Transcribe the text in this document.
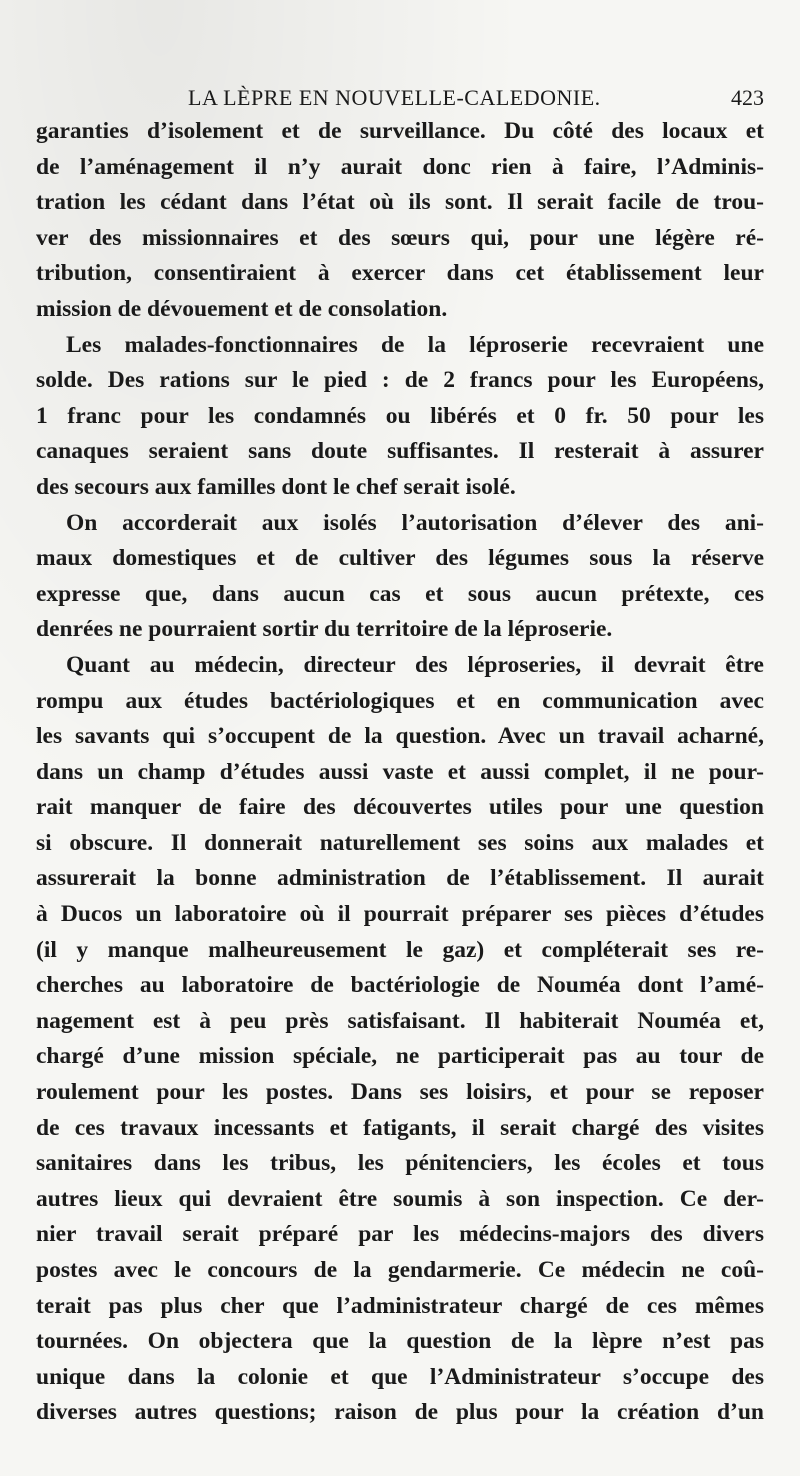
LA LÈPRE EN NOUVELLE-CALEDONIE.	423
garanties d’isolement et de surveillance. Du côté des locaux et
de l’aménagement il n’y aurait donc rien à faire, l’Adminis-
tration les cédant dans l’état où ils sont. Il serait facile de trou-
ver des missionnaires et des sœurs qui, pour une légère ré-
tribution, consentiraient à exercer dans cet établissement leur
mission de dévouement et de consolation.
Les malades-fonctionnaires de la léproserie recevraient une
solde. Des rations sur le pied : de 2 francs pour les Européens,
1 franc pour les condamnés ou libérés et 0 fr. 50 pour les
canaques seraient sans doute suffisantes. Il resterait à assurer
des secours aux familles dont le chef serait isolé.
On accorderait aux isolés l’autorisation d’élever des ani-
maux domestiques et de cultiver des légumes sous la réserve
expresse que, dans aucun cas et sous aucun prétexte, ces
denrées ne pourraient sortir du territoire de la léproserie.
Quant au médecin, directeur des léproseries, il devrait être
rompu aux études bactériologiques et en communication avec
les savants qui s’occupent de la question. Avec un travail acharné,
dans un champ d’études aussi vaste et aussi complet, il ne pour-
rait manquer de faire des découvertes utiles pour une question
si obscure. Il donnerait naturellement ses soins aux malades et
assurerait la bonne administration de l’établissement. Il aurait
à Ducos un laboratoire où il pourrait préparer ses pièces d’études
(il y manque malheureusement le gaz) et compléterait ses re-
cherches au laboratoire de bactériologie de Nouméa dont l’amé-
nagement est à peu près satisfaisant. Il habiterait Nouméa et,
chargé d’une mission spéciale, ne participerait pas au tour de
roulement pour les postes. Dans ses loisirs, et pour se reposer
de ces travaux incessants et fatigants, il serait chargé des visites
sanitaires dans les tribus, les pénitenciers, les écoles et tous
autres lieux qui devraient être soumis à son inspection. Ce der-
nier travail serait préparé par les médecins-majors des divers
postes avec le concours de la gendarmerie. Ce médecin ne coû-
terait pas plus cher que l’administrateur chargé de ces mêmes
tournées. On objectera que la question de la lèpre n’est pas
unique dans la colonie et que l’Administrateur s’occupe des
diverses autres questions; raison de plus pour la création d’un
